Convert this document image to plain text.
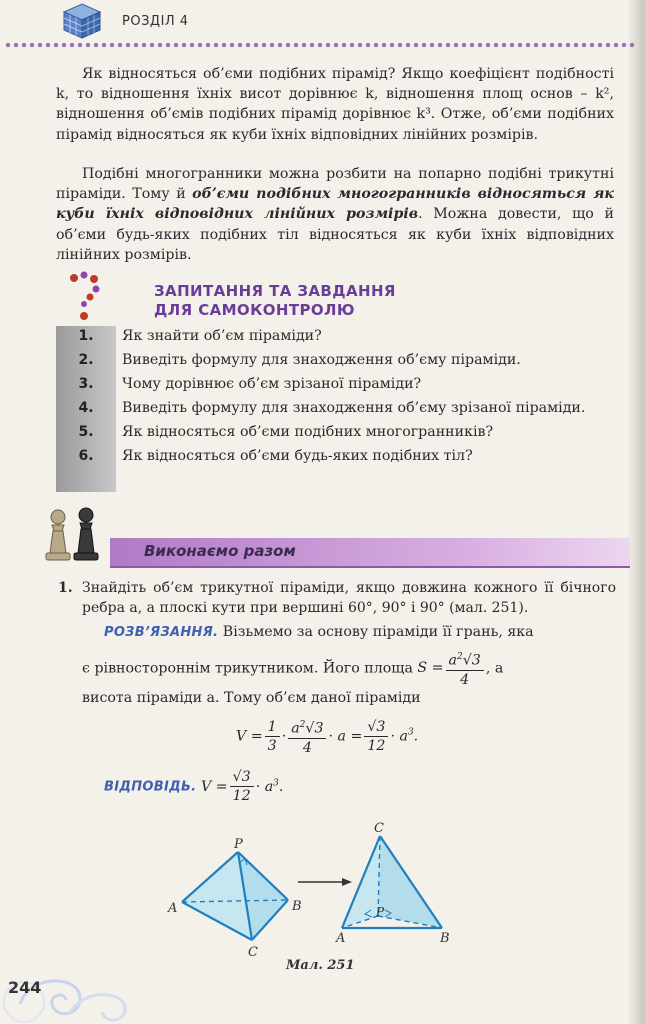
РОЗДІЛ 4

Як відносяться об’єми подібних пірамід? Якщо коефіцієнт подібності k, то відношення їхніх висот дорівнює k, відношення площ основ – k², відношення об’ємів подібних пірамід дорівнює k³. Отже, об’єми подібних пірамід відносяться як куби їхніх відповідних лінійних розмірів.

Подібні многогранники можна розбити на попарно подібні трикутні піраміди. Тому й об’єми подібних многогранників відносяться як куби їхніх відповідних лінійних розмірів. Можна довести, що й об’єми будь-яких подібних тіл відносяться як куби їхніх відповідних лінійних розмірів.

ЗАПИТАННЯ ТА ЗАВДАННЯ
ДЛЯ САМОКОНТРОЛЮ
1.	Як знайти об’єм піраміди?
2.	Виведіть формулу для знаходження об’єму піраміди.
3.	Чому дорівнює об’єм зрізаної піраміди?
4.	Виведіть формулу для знаходження об’єму зрізаної піраміди.
5.	Як відносяться об’єми подібних многогранників?
6.	Як відносяться об’єми будь-яких подібних тіл?
Виконаємо разом
1. Знайдіть об’єм трикутної піраміди, якщо довжина кожного її бічного ребра a, а плоскі кути при вершині 60°, 90° і 90° (мал. 251).
РОЗВ’ЯЗАННЯ. Візьмемо за основу піраміди її грань, яка
є рівностороннім трикутником. Його площа $S = \frac{a^2√3}{4}$ , а
висота піраміди a. Тому об’єм даної піраміди
$V = \frac{1}{3} \cdot \frac{a^2√3}{4} \cdot a = \frac{√3}{12} \cdot a^3$.
ВІДПОВІДЬ. $V = \frac{√3}{12} \cdot a^3$.
P
A	B
C
C
P
A	B
Мал. 251
244
